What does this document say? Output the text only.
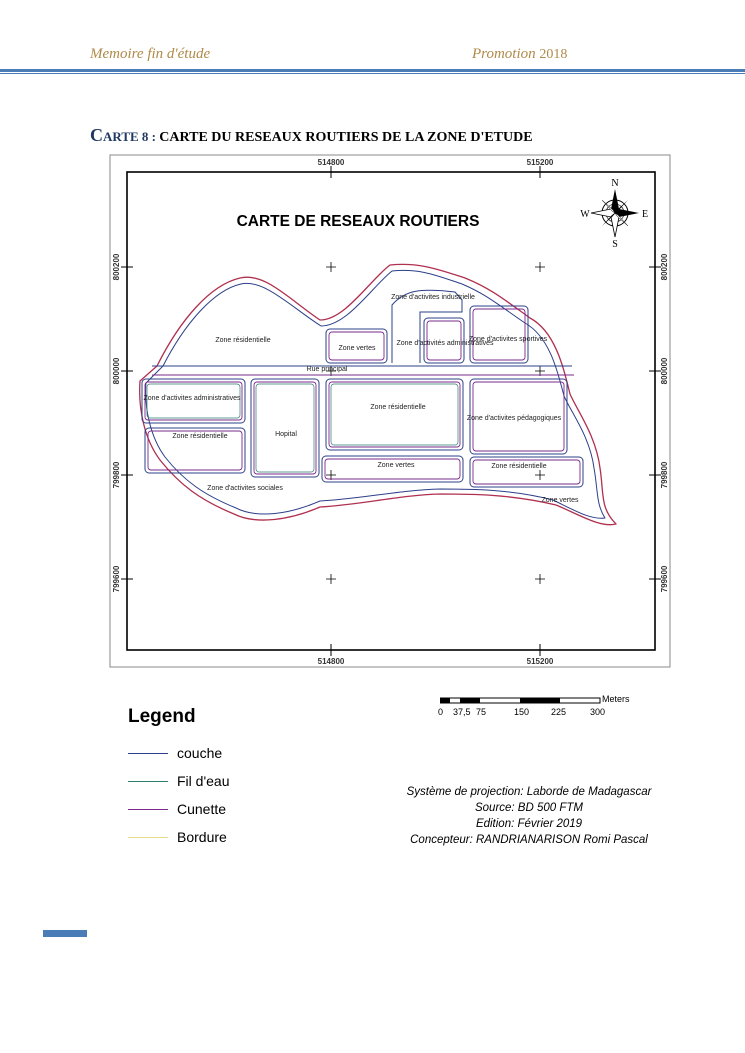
Memoire fin d'étude	Promotion 2018
CARTE 8 : CARTE DU RESEAUX ROUTIERS DE LA ZONE D'ETUDE
514800	515200
514800	515200
800200
800000
799800
799600
800200
800000
799800
799600
CARTE DE RESEAUX ROUTIERS
N
S
E
W
Zone d'activites industrielle
Zone résidentielle
Zone vertes
Zone d'activités administratives
Zone d'activites sportives
Rue principal
Zone d'activites administratives
Zone résidentielle
Zone d'activites pédagogiques
Zone résidentielle	Hopital
Zone vertes	Zone résidentielle
Zone d'activites sociales
Zone vertes
Meters
0 37,5 75	150 225	300
Legend
couche
Fil d'eau
Cunette
Bordure
Système de projection: Laborde de Madagascar
Source: BD 500 FTM
Edition: Février 2019
Concepteur: RANDRIANARISON Romi Pascal
